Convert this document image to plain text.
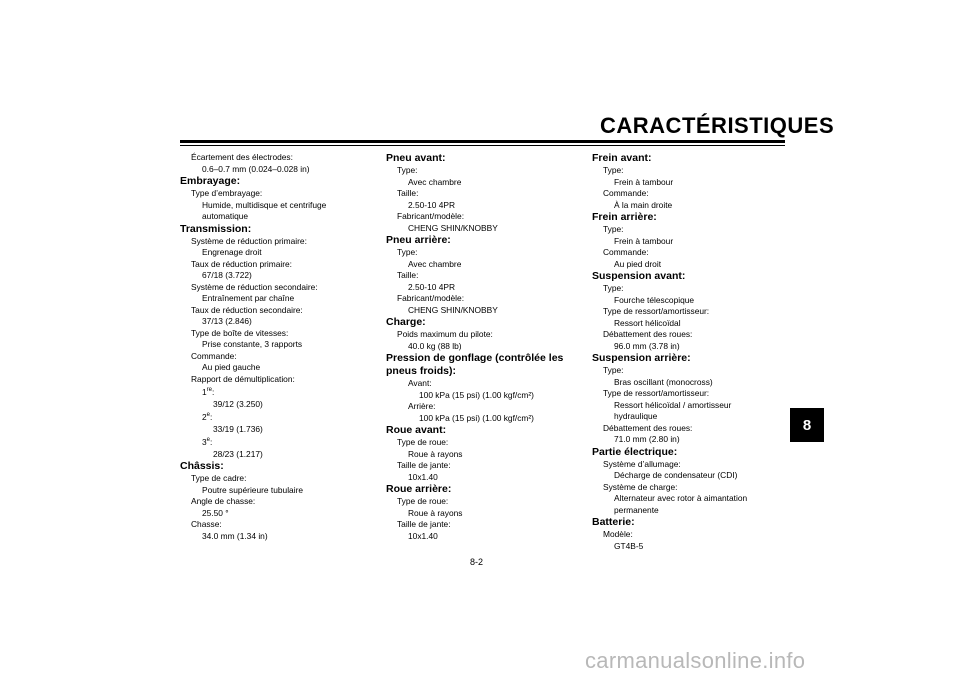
CARACTÉRISTIQUES
8
Écartement des électrodes:
0.6–0.7 mm (0.024–0.028 in)
Embrayage:
Type d’embrayage:
Humide, multidisque et centrifuge
automatique
Transmission:
Système de réduction primaire:
Engrenage droit
Taux de réduction primaire:
67/18 (3.722)
Système de réduction secondaire:
Entraînement par chaîne
Taux de réduction secondaire:
37/13 (2.846)
Type de boîte de vitesses:
Prise constante, 3 rapports
Commande:
Au pied gauche
Rapport de démultiplication:
1re:
39/12 (3.250)
2e:
33/19 (1.736)
3e:
28/23 (1.217)
Châssis:
Type de cadre:
Poutre supérieure tubulaire
Angle de chasse:
25.50 °
Chasse:
34.0 mm (1.34 in)
Pneu avant:
Type:
Avec chambre
Taille:
2.50-10 4PR
Fabricant/modèle:
CHENG SHIN/KNOBBY
Pneu arrière:
Type:
Avec chambre
Taille:
2.50-10 4PR
Fabricant/modèle:
CHENG SHIN/KNOBBY
Charge:
Poids maximum du pilote:
40.0 kg (88 lb)
Pression de gonflage (contrôlée les pneus froids):
Avant:
100 kPa (15 psi) (1.00 kgf/cm²)
Arrière:
100 kPa (15 psi) (1.00 kgf/cm²)
Roue avant:
Type de roue:
Roue à rayons
Taille de jante:
10x1.40
Roue arrière:
Type de roue:
Roue à rayons
Taille de jante:
10x1.40
Frein avant:
Type:
Frein à tambour
Commande:
À la main droite
Frein arrière:
Type:
Frein à tambour
Commande:
Au pied droit
Suspension avant:
Type:
Fourche télescopique
Type de ressort/amortisseur:
Ressort hélicoïdal
Débattement des roues:
96.0 mm (3.78 in)
Suspension arrière:
Type:
Bras oscillant (monocross)
Type de ressort/amortisseur:
Ressort hélicoïdal / amortisseur
hydraulique
Débattement des roues:
71.0 mm (2.80 in)
Partie électrique:
Système d’allumage:
Décharge de condensateur (CDI)
Système de charge:
Alternateur avec rotor à aimantation
permanente
Batterie:
Modèle:
GT4B-5
8-2
carmanualsonline.info
